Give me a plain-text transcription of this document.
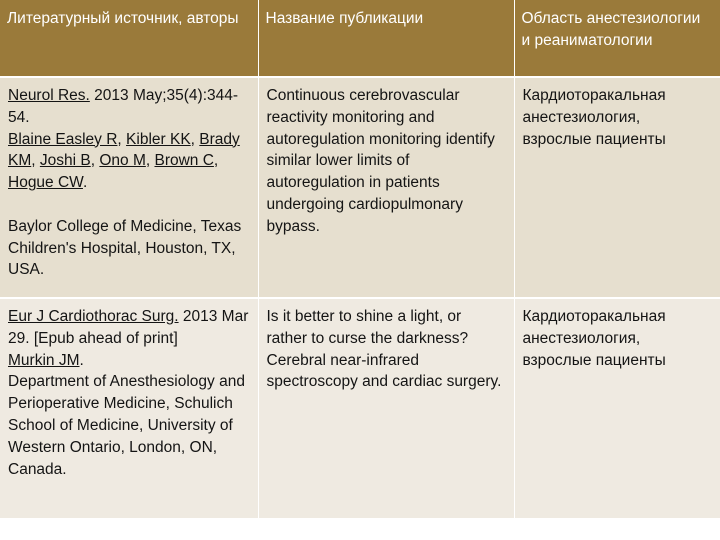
Литературный источник, авторы	Название публикации	Область анестезиологии и реаниматологии
Neurol Res. 2013 May;35(4):344-54.
Blaine Easley R, Kibler KK, Brady KM, Joshi B, Ono M, Brown C, Hogue CW.
Baylor College of Medicine, Texas Children's Hospital, Houston, TX, USA.	Continuous cerebrovascular reactivity monitoring and autoregulation monitoring identify similar lower limits of autoregulation in patients undergoing cardiopulmonary bypass.	Кардиоторакальная анестезиология, взрослые пациенты
Eur J Cardiothorac Surg. 2013 Mar 29. [Epub ahead of print]
Murkin JM.
Department of Anesthesiology and Perioperative Medicine, Schulich School of Medicine, University of Western Ontario, London, ON, Canada.	Is it better to shine a light, or rather to curse the darkness? Cerebral near-infrared spectroscopy and cardiac surgery.	Кардиоторакальная анестезиология, взрослые пациенты
